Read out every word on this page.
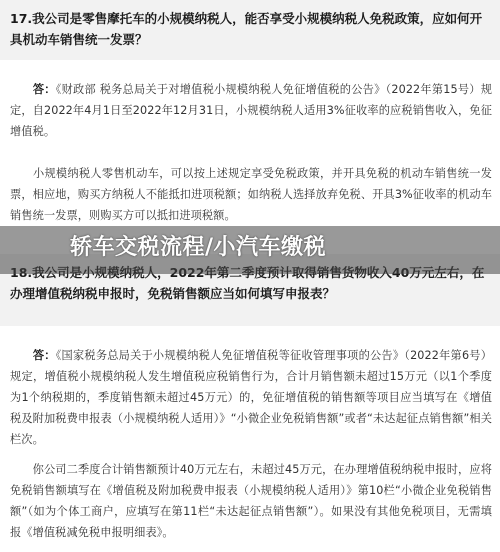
17.我公司是零售摩托车的小规模纳税人，能否享受小规模纳税人免税政策，应如何开具机动车销售统一发票？
　　答：《财政部 税务总局关于对增值税小规模纳税人免征增值税的公告》（2022年第15号）规定，自2022年4月1日至2022年12月31日，小规模纳税人适用3%征收率的应税销售收入，免征增值税。
　　小规模纳税人零售机动车，可以按上述规定享受免税政策，并开具免税的机动车销售统一发票，相应地，购买方纳税人不能抵扣进项税额；如纳税人选择放弃免税、开具3%征收率的机动车销售统一发票，则购买方可以抵扣进项税额。
办理增值税纳税申报时，免税销售额应当如何填写申报表？
　　答：《国家税务总局关于小规模纳税人免征增值税等征收管理事项的公告》（2022年第6号）规定，增值税小规模纳税人发生增值税应税销售行为，合计月销售额未超过15万元（以1个季度为1个纳税期的，季度销售额未超过45万元）的，免征增值税的销售额等项目应当填写在《增值税及附加税费申报表（小规模纳税人适用）》“小微企业免税销售额”或者“未达起征点销售额”相关栏次。
　　你公司二季度合计销售额预计40万元左右，未超过45万元，在办理增值税纳税申报时，应将免税销售额填写在《增值税及附加税费申报表（小规模纳税人适用）》第10栏“小微企业免税销售额”（如为个体工商户，应填写在第11栏“未达起征点销售额”）。如果没有其他免税项目，无需填报《增值税减免税申报明细表》。
轿车交税流程/小汽车缴税
